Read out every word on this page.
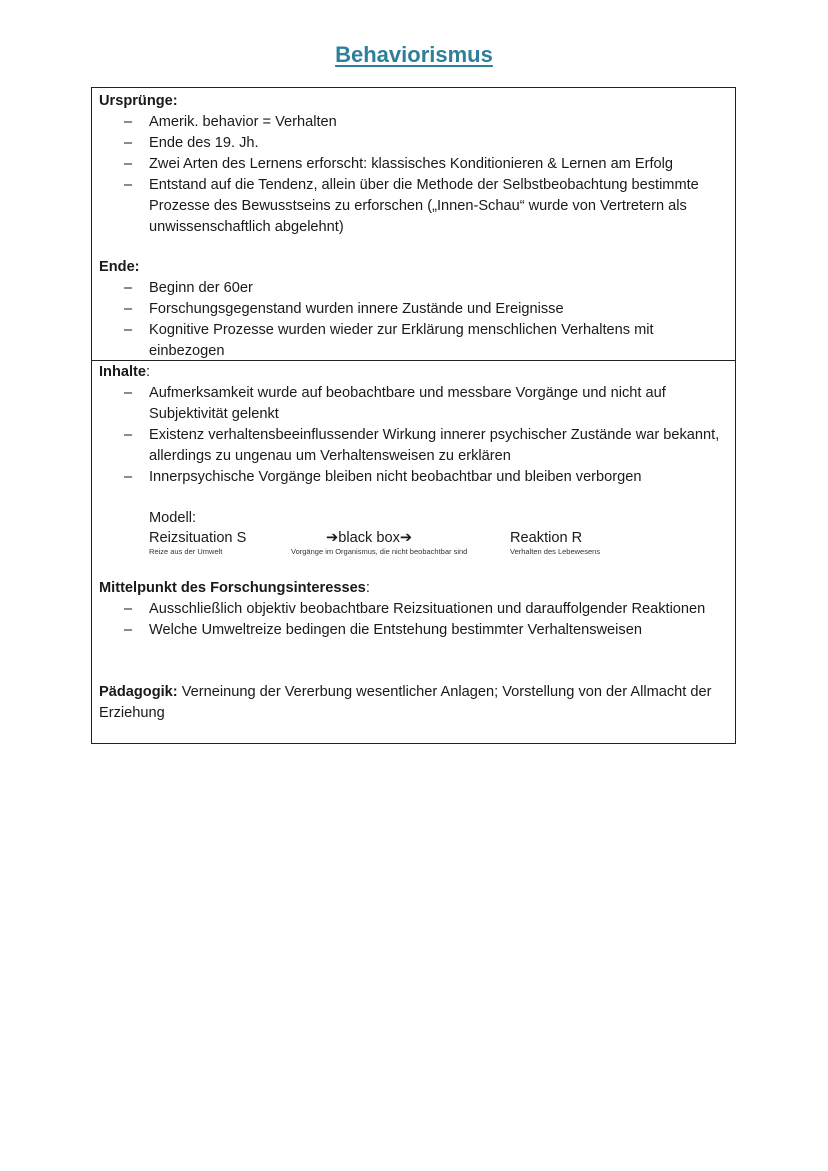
Behaviorismus
Ursprünge:
– Amerik. behavior = Verhalten
– Ende des 19. Jh.
– Zwei Arten des Lernens erforscht: klassisches Konditionieren & Lernen am Erfolg
– Entstand auf die Tendenz, allein über die Methode der Selbstbeobachtung bestimmte Prozesse des Bewusstseins zu erforschen („Innen-Schau“ wurde von Vertretern als unwissenschaftlich abgelehnt)
Ende:
– Beginn der 60er
– Forschungsgegenstand wurden innere Zustände und Ereignisse
– Kognitive Prozesse wurden wieder zur Erklärung menschlichen Verhaltens mit einbezogen
Inhalte:
– Aufmerksamkeit wurde auf beobachtbare und messbare Vorgänge und nicht auf Subjektivität gelenkt
– Existenz verhaltensbeeinflussender Wirkung innerer psychischer Zustände war bekannt, allerdings zu ungenau um Verhaltensweisen zu erklären
– Innerpsychische Vorgänge bleiben nicht beobachtbar und bleiben verborgen
Modell:
Reizsituation S
Reize aus der Umwelt
➔black box➔
Vorgänge im Organismus, die nicht beobachtbar sind
Reaktion R
Verhalten des Lebewesens
Mittelpunkt des Forschungsinteresses:
– Ausschließlich objektiv beobachtbare Reizsituationen und darauffolgender Reaktionen
– Welche Umweltreize bedingen die Entstehung bestimmter Verhaltensweisen
Pädagogik: Verneinung der Vererbung wesentlicher Anlagen; Vorstellung von der Allmacht der Erziehung
